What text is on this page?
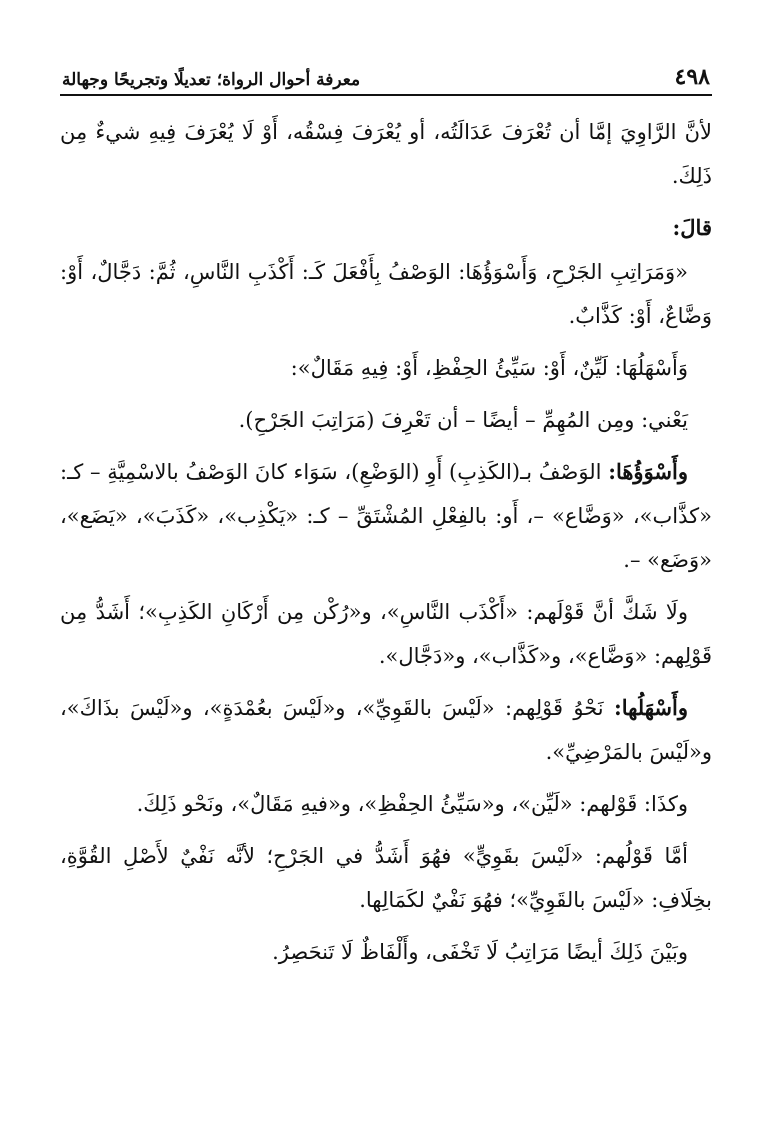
٤٩٨
معرفة أحوال الرواة؛ تعديلًا وتجريحًا وجهالة

لأنَّ الرَّاوِيَ إمَّا أن تُعْرَفَ عَدَالَتُه، أو يُعْرَفَ فِسْقُه، أَوْ لَا يُعْرَفَ فِيهِ شيءٌ مِن ذَلِكَ.

قالَ:

«وَمَرَاتِبِ الجَرْحِ، وَأَسْوَؤُهَا: الوَصْفُ بِأَفْعَلَ كَـ: أَكْذَبِ النَّاسِ، ثُمَّ: دَجَّالٌ، أَوْ: وَضَّاعٌ، أَوْ: كَذَّابٌ.

وَأَسْهَلُهَا: لَيِّنٌ، أَوْ: سَيِّئُ الحِفْظِ، أَوْ: فِيهِ مَقَالٌ»:

يَعْني: ومِن المُهِمِّ – أيضًا – أن تَعْرِفَ (مَرَاتِبَ الجَرْحِ).

وأَسْوَؤُهَا: الوَصْفُ بـ(الكَذِبِ) أَوِ (الوَضْعِ)، سَوَاء كانَ الوَصْفُ بالاسْمِيَّةِ – كـ: «كذَّاب»، «وَضَّاع» –، أَو: بالفِعْلِ المُشْتَقِّ – كـ: «يَكْذِب»، «كَذَبَ»، «يَضَع»، «وَضَع» –.

ولَا شَكَّ أنَّ قَوْلَهم: «أَكْذَب النَّاسِ»، و«رُكْن مِن أَرْكَانِ الكَذِبِ»؛ أَشَدُّ مِن قَوْلِهم: «وَضَّاع»، و«كَذَّاب»، و«دَجَّال».

وأَسْهَلُها: نَحْوُ قَوْلِهم: «لَيْسَ بالقَوِيِّ»، و«لَيْسَ بعُمْدَةٍ»، و«لَيْسَ بذَاكَ»، و«لَيْسَ بالمَرْضِيِّ».

وكذَا: قَوْلهم: «لَيِّن»، و«سَيِّئُ الحِفْظِ»، و«فيهِ مَقَالٌ»، ونَحْو ذَلِكَ.

أمَّا قَوْلُهم: «لَيْسَ بقَوِيٍّ» فهُوَ أَشَدُّ في الجَرْحِ؛ لأنَّه نَفْيٌ لأَصْلِ القُوَّةِ، بخِلَافِ: «لَيْسَ بالقَوِيِّ»؛ فهُوَ نَفْيٌ لكَمَالِها.

وبَيْنَ ذَلِكَ أيضًا مَرَاتِبُ لَا تَخْفَى، وأَلْفَاظٌ لَا تَنحَصِرُ.
